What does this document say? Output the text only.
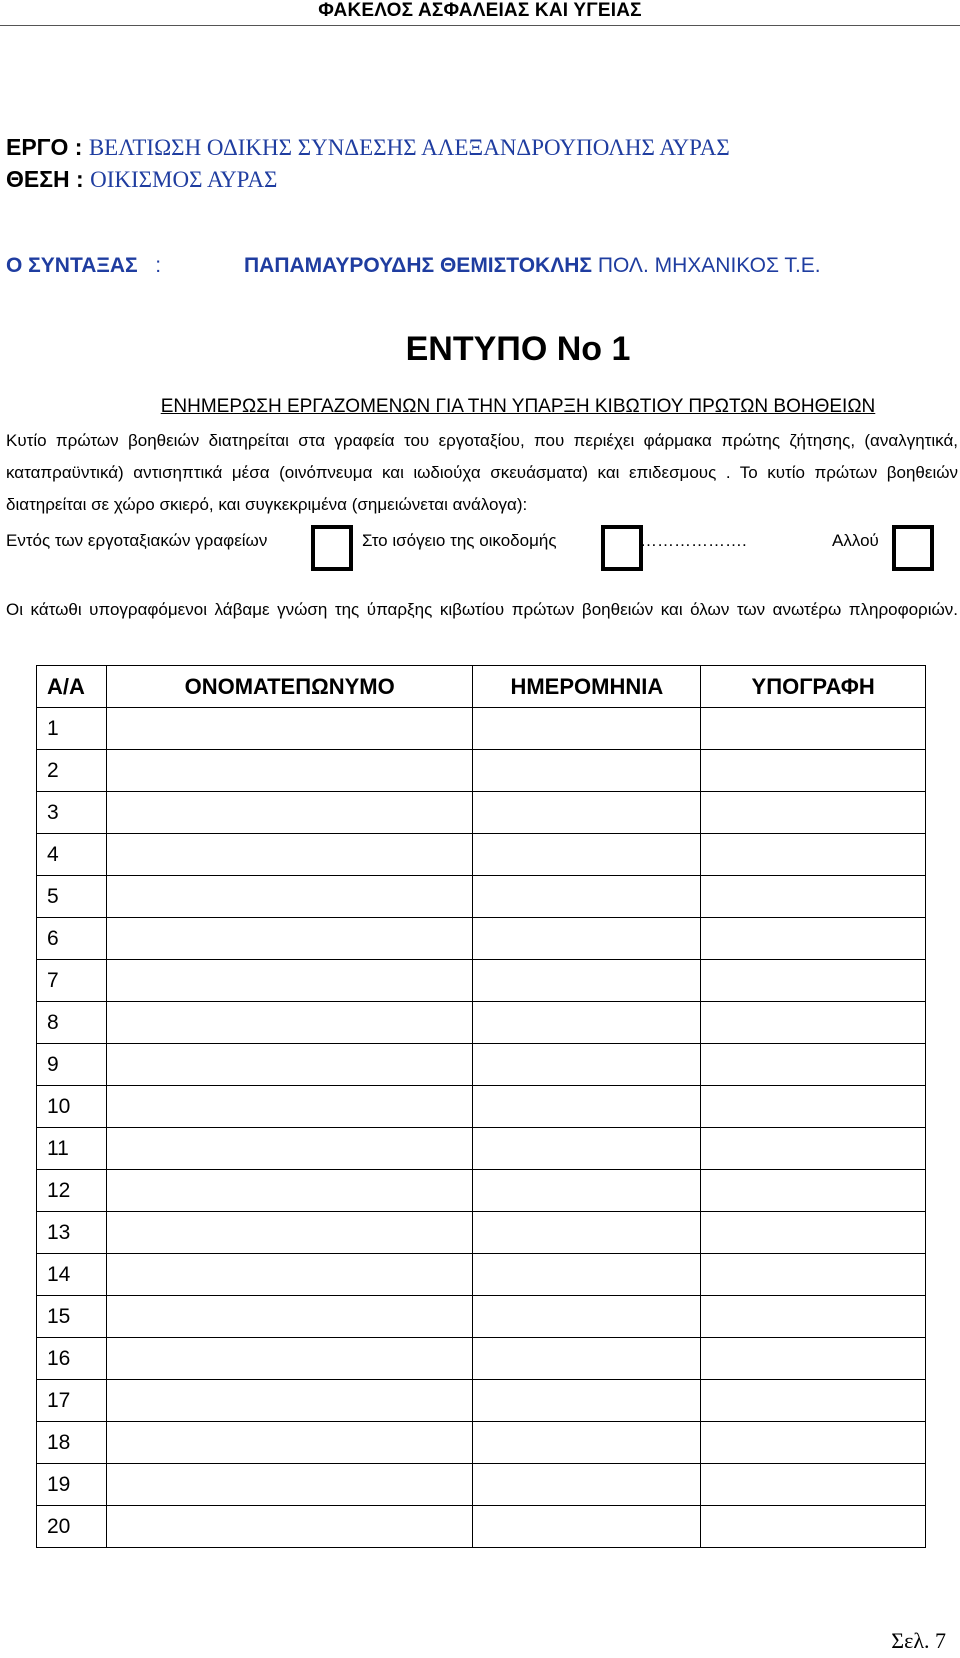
ΦΑΚΕΛΟΣ ΑΣΦΑΛΕΙΑΣ ΚΑΙ ΥΓΕΙΑΣ
ΕΡΓΟ : ΒΕΛΤΙΩΣΗ ΟΔΙΚΗΣ ΣΥΝΔΕΣΗΣ ΑΛΕΞΑΝΔΡΟΥΠΟΛΗΣ ΑΥΡΑΣ
ΘΕΣΗ : ΟΙΚΙΣΜΟΣ ΑΥΡΑΣ
Ο ΣΥΝΤΑΞΑΣ :	ΠΑΠΑΜΑΥΡΟΥΔΗΣ ΘΕΜΙΣΤΟΚΛΗΣ ΠΟΛ. ΜΗΧΑΝΙΚΟΣ Τ.Ε.
ΕΝΤΥΠΟ Νο 1
ΕΝΗΜΕΡΩΣΗ ΕΡΓΑΖΟΜΕΝΩΝ ΓΙΑ ΤΗΝ ΥΠΑΡΞΗ ΚΙΒΩΤΙΟΥ ΠΡΩΤΩΝ ΒΟΗΘΕΙΩΝ
Κυτίο πρώτων βοηθειών διατηρείται στα γραφεία του εργοταξίου, που περιέχει φάρμακα πρώτης ζήτησης, (αναλγητικά, καταπραϋντικά) αντισηπτικά μέσα (οινόπνευμα και ιωδιούχα σκευάσματα) και επιδεσμους . Το κυτίο πρώτων βοηθειών διατηρείται σε χώρο σκιερό, και συγκεκριμένα (σημειώνεται ανάλογα):
Εντός των εργοταξιακών γραφείων	Στο ισόγειο της οικοδομής	……………….	Αλλού
Οι κάτωθι υπογραφόμενοι λάβαμε γνώση της ύπαρξης κιβωτίου πρώτων βοηθειών και όλων των ανωτέρω πληροφοριών.
Α/Α	ΟΝΟΜΑΤΕΠΩΝΥΜΟ	ΗΜΕΡΟΜΗΝΙΑ	ΥΠΟΓΡΑΦΗ
1			
2			
3			
4			
5			
6			
7			
8			
9			
10			
11			
12			
13			
14			
15			
16			
17			
18			
19			
20			
Σελ. 7
